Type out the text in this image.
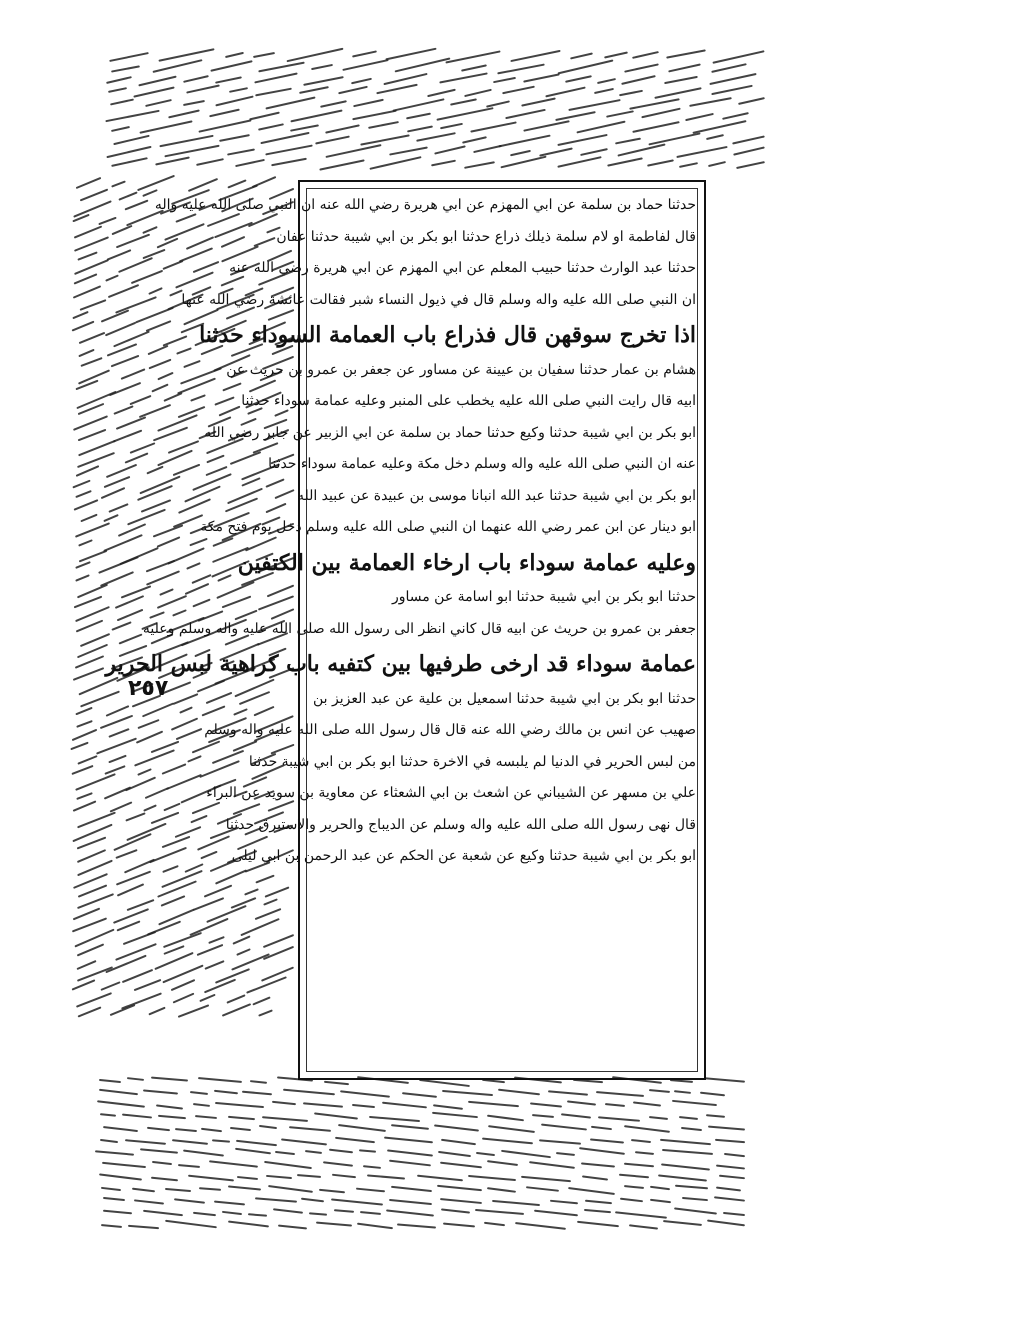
حدثنا حماد بن سلمة عن ابي المهزم عن ابي هريرة رضي الله عنه ان النبي صلى الله عليه واله
قال لفاطمة او لام سلمة ذيلك ذراع حدثنا ابو بكر بن ابي شيبة حدثنا عفان
حدثنا عبد الوارث حدثنا حبيب المعلم عن ابي المهزم عن ابي هريرة رضي الله عنه
ان النبي صلى الله عليه واله وسلم قال في ذيول النساء شبر فقالت عائشة رضي الله عنها
اذا تخرج سوقهن قال فذراع باب العمامة السوداء حدثنا
هشام بن عمار حدثنا سفيان بن عيينة عن مساور عن جعفر بن عمرو بن حريث عن
ابيه قال رايت النبي صلى الله عليه يخطب على المنبر وعليه عمامة سوداء حدثنا
ابو بكر بن ابي شيبة حدثنا وكيع حدثنا حماد بن سلمة عن ابي الزبير عن جابر رضي الله
عنه ان النبي صلى الله عليه واله وسلم دخل مكة وعليه عمامة سوداء حدثنا
ابو بكر بن ابي شيبة حدثنا عبد الله انبانا موسى بن عبيدة عن عبيد الله
ابو دينار عن ابن عمر رضي الله عنهما ان النبي صلى الله عليه وسلم دخل يوم فتح مكة
وعليه عمامة سوداء باب ارخاء العمامة بين الكتفين
حدثنا ابو بكر بن ابي شيبة حدثنا ابو اسامة عن مساور
جعفر بن عمرو بن حريث عن ابيه قال كاني انظر الى رسول الله صلى الله عليه واله وسلم وعليه
عمامة سوداء قد ارخى طرفيها بين كتفيه باب كراهية لبس الحرير
حدثنا ابو بكر بن ابي شيبة حدثنا اسمعيل بن علية عن عبد العزيز بن
صهيب عن انس بن مالك رضي الله عنه قال قال رسول الله صلى الله عليه واله وسلم
من لبس الحرير في الدنيا لم يلبسه في الاخرة حدثنا ابو بكر بن ابي شيبة حدثنا
علي بن مسهر عن الشيباني عن اشعث بن ابي الشعثاء عن معاوية بن سويد عن البراء
قال نهى رسول الله صلى الله عليه واله وسلم عن الديباج والحرير والاستبرق حدثنا
ابو بكر بن ابي شيبة حدثنا وكيع عن شعبة عن الحكم عن عبد الرحمن بن ابي ليلى
٢٥٧
